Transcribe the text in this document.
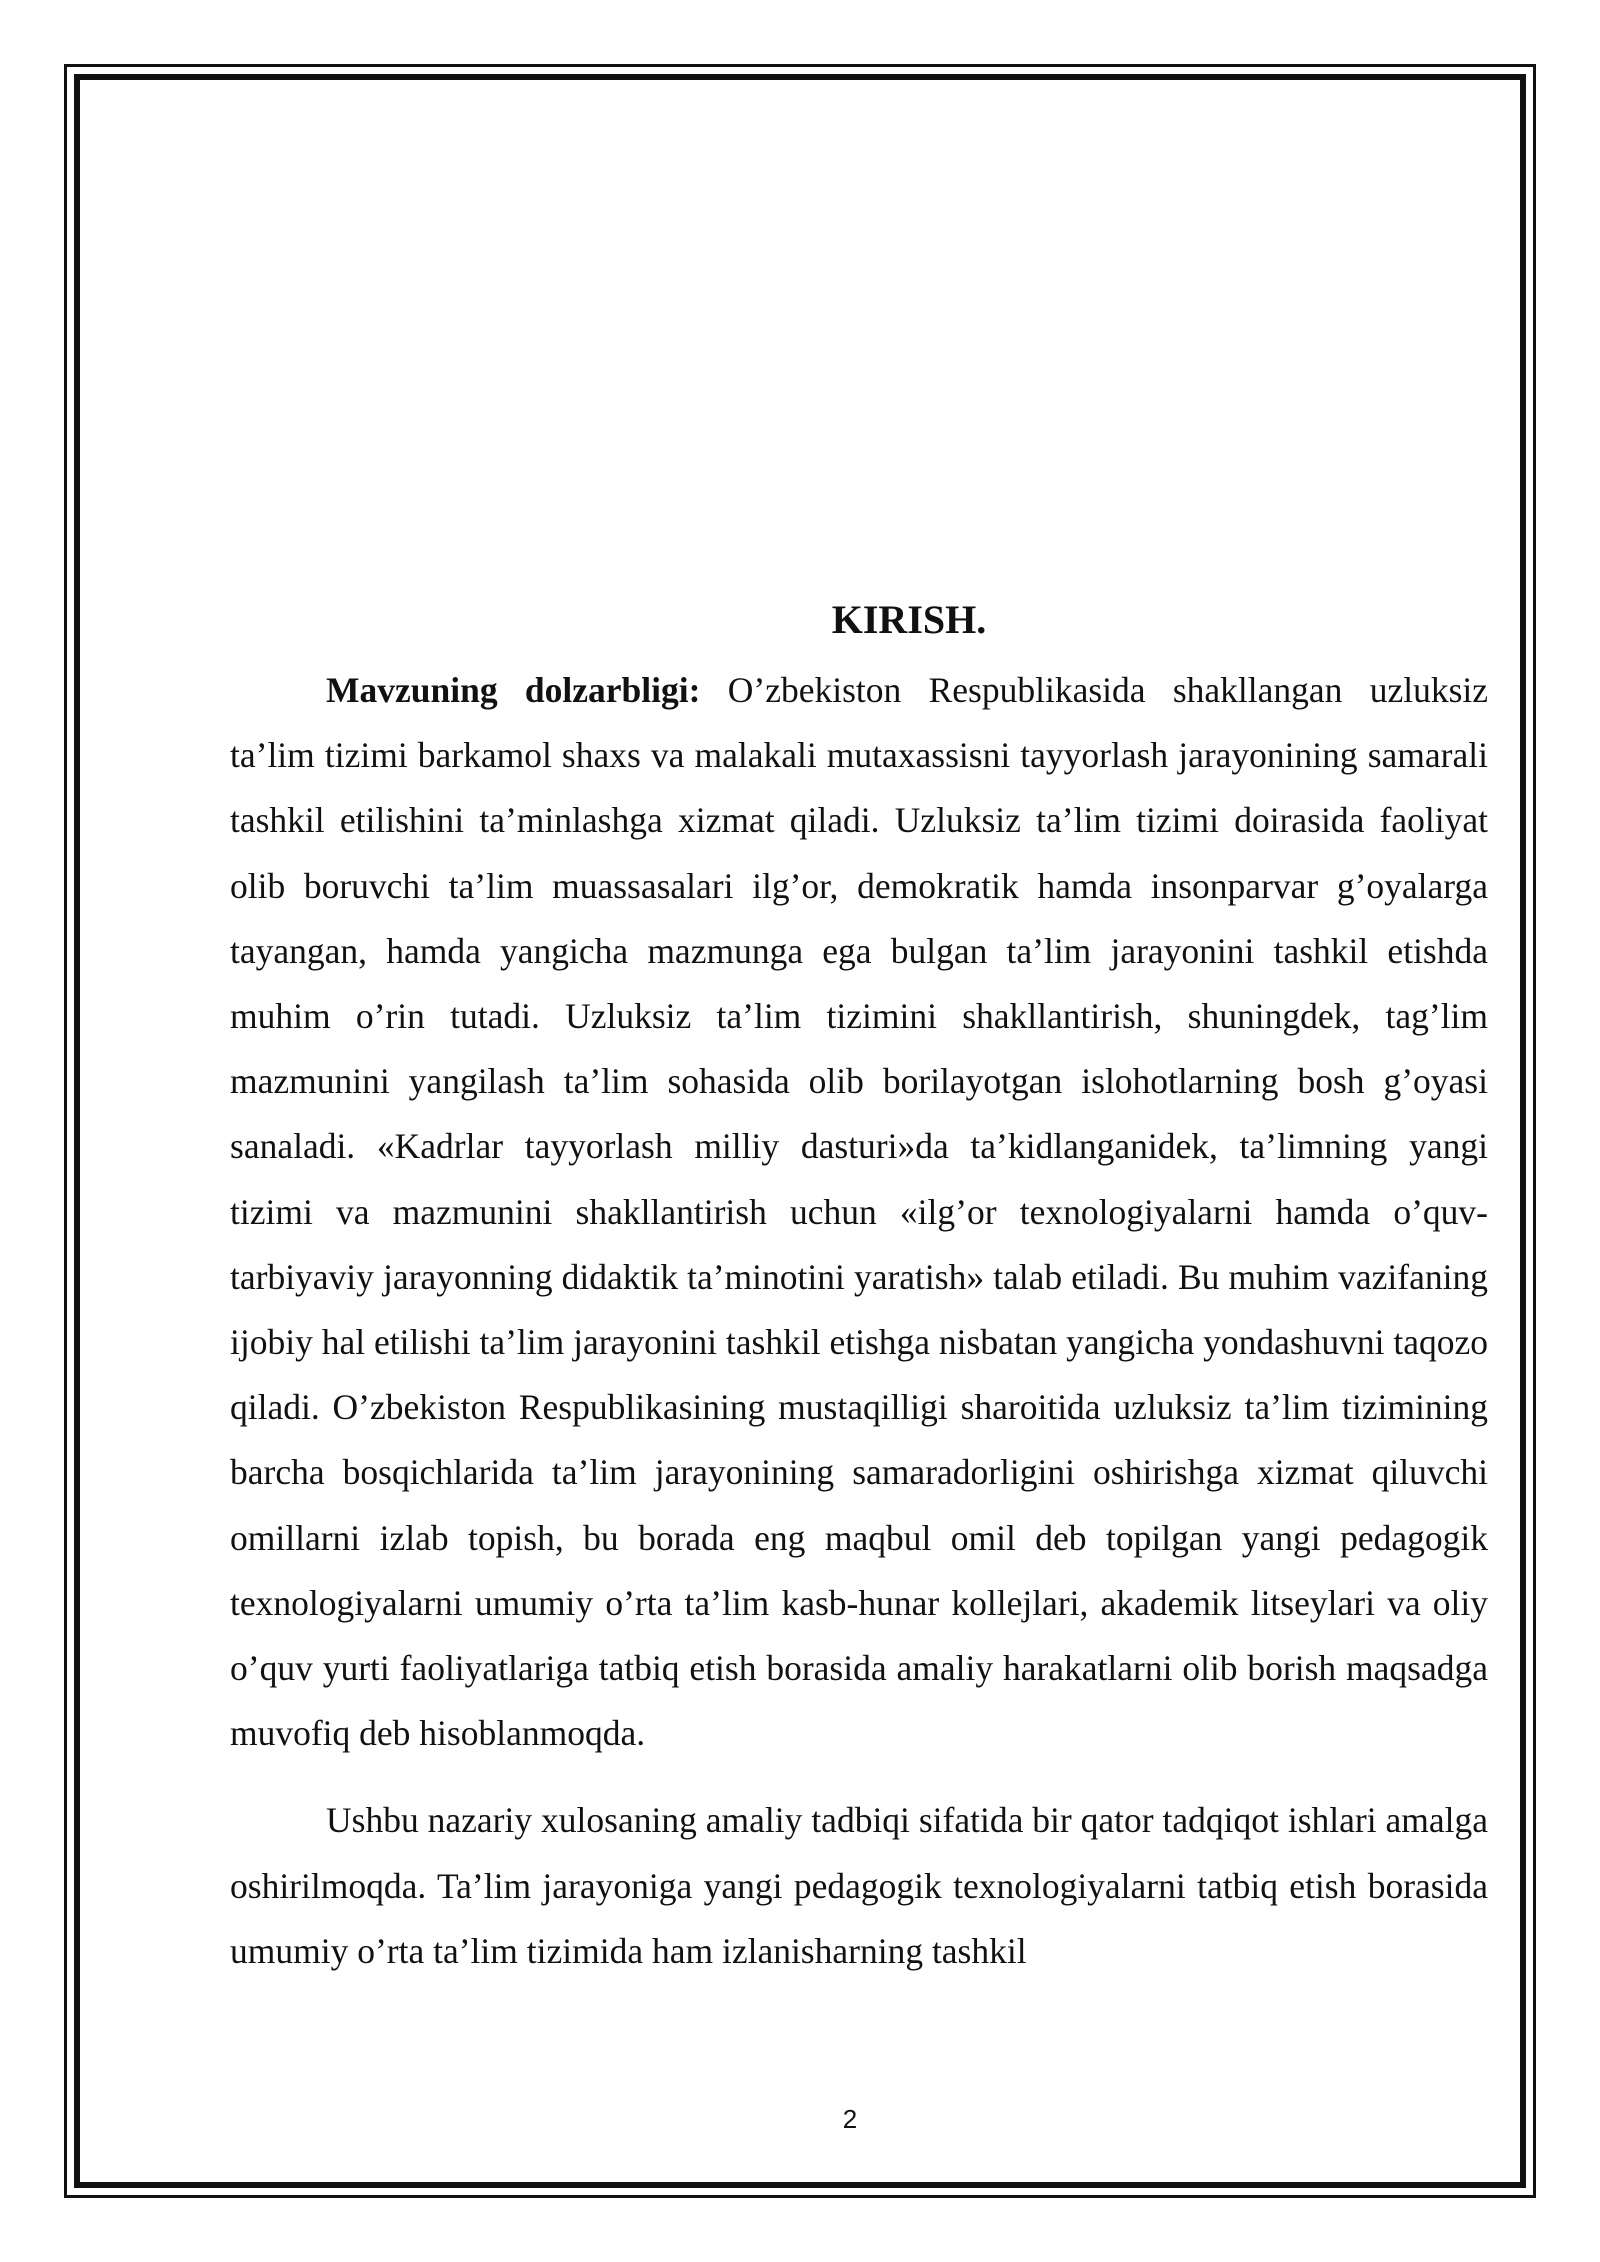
KIRISH.

Mavzuning dolzarbligi: O’zbekiston Respublikasida shakllangan uzluksiz ta’lim tizimi barkamol shaxs va malakali mutaxassisni tayyorlash jarayonining samarali tashkil etilishini ta’minlashga xizmat qiladi. Uzluksiz ta’lim tizimi doirasida faoliyat olib boruvchi ta’lim muassasalari ilg’or, demokratik hamda insonparvar g’oyalarga tayangan, hamda yangicha mazmunga ega bulgan ta’lim jarayonini tashkil etishda muhim o’rin tutadi. Uzluksiz ta’lim tizimini shakllantirish, shuningdek, tag’lim mazmunini yangilash ta’lim sohasida olib borilayotgan islohotlarning bosh g’oyasi sanaladi. «Kadrlar tayyorlash milliy dasturi»da ta’kidlanganidek, ta’limning yangi tizimi va mazmunini shakllantirish uchun «ilg’or texnologiyalarni hamda o’quv-tarbiyaviy jarayonning didaktik ta’minotini yaratish» talab etiladi. Bu muhim vazifaning ijobiy hal etilishi ta’lim jarayonini tashkil etishga nisbatan yangicha yondashuvni taqozo qiladi. O’zbekiston Respublikasining mustaqilligi sharoitida uzluksiz ta’lim tizimining barcha bosqichlarida ta’lim jarayonining samaradorligini oshirishga xizmat qiluvchi omillarni izlab topish, bu borada eng maqbul omil deb topilgan yangi pedagogik texnologiyalarni umumiy o’rta ta’lim kasb-hunar kollejlari, akademik litseylari va oliy o’quv yurti faoliyatlariga tatbiq etish borasida amaliy harakatlarni olib borish maqsadga muvofiq deb hisoblanmoqda.

Ushbu nazariy xulosaning amaliy tadbiqi sifatida bir qator tadqiqot ishlari amalga oshirilmoqda. Ta’lim jarayoniga yangi pedagogik texnologiyalarni tatbiq etish borasida umumiy o’rta ta’lim tizimida ham izlanisharning tashkil

2
